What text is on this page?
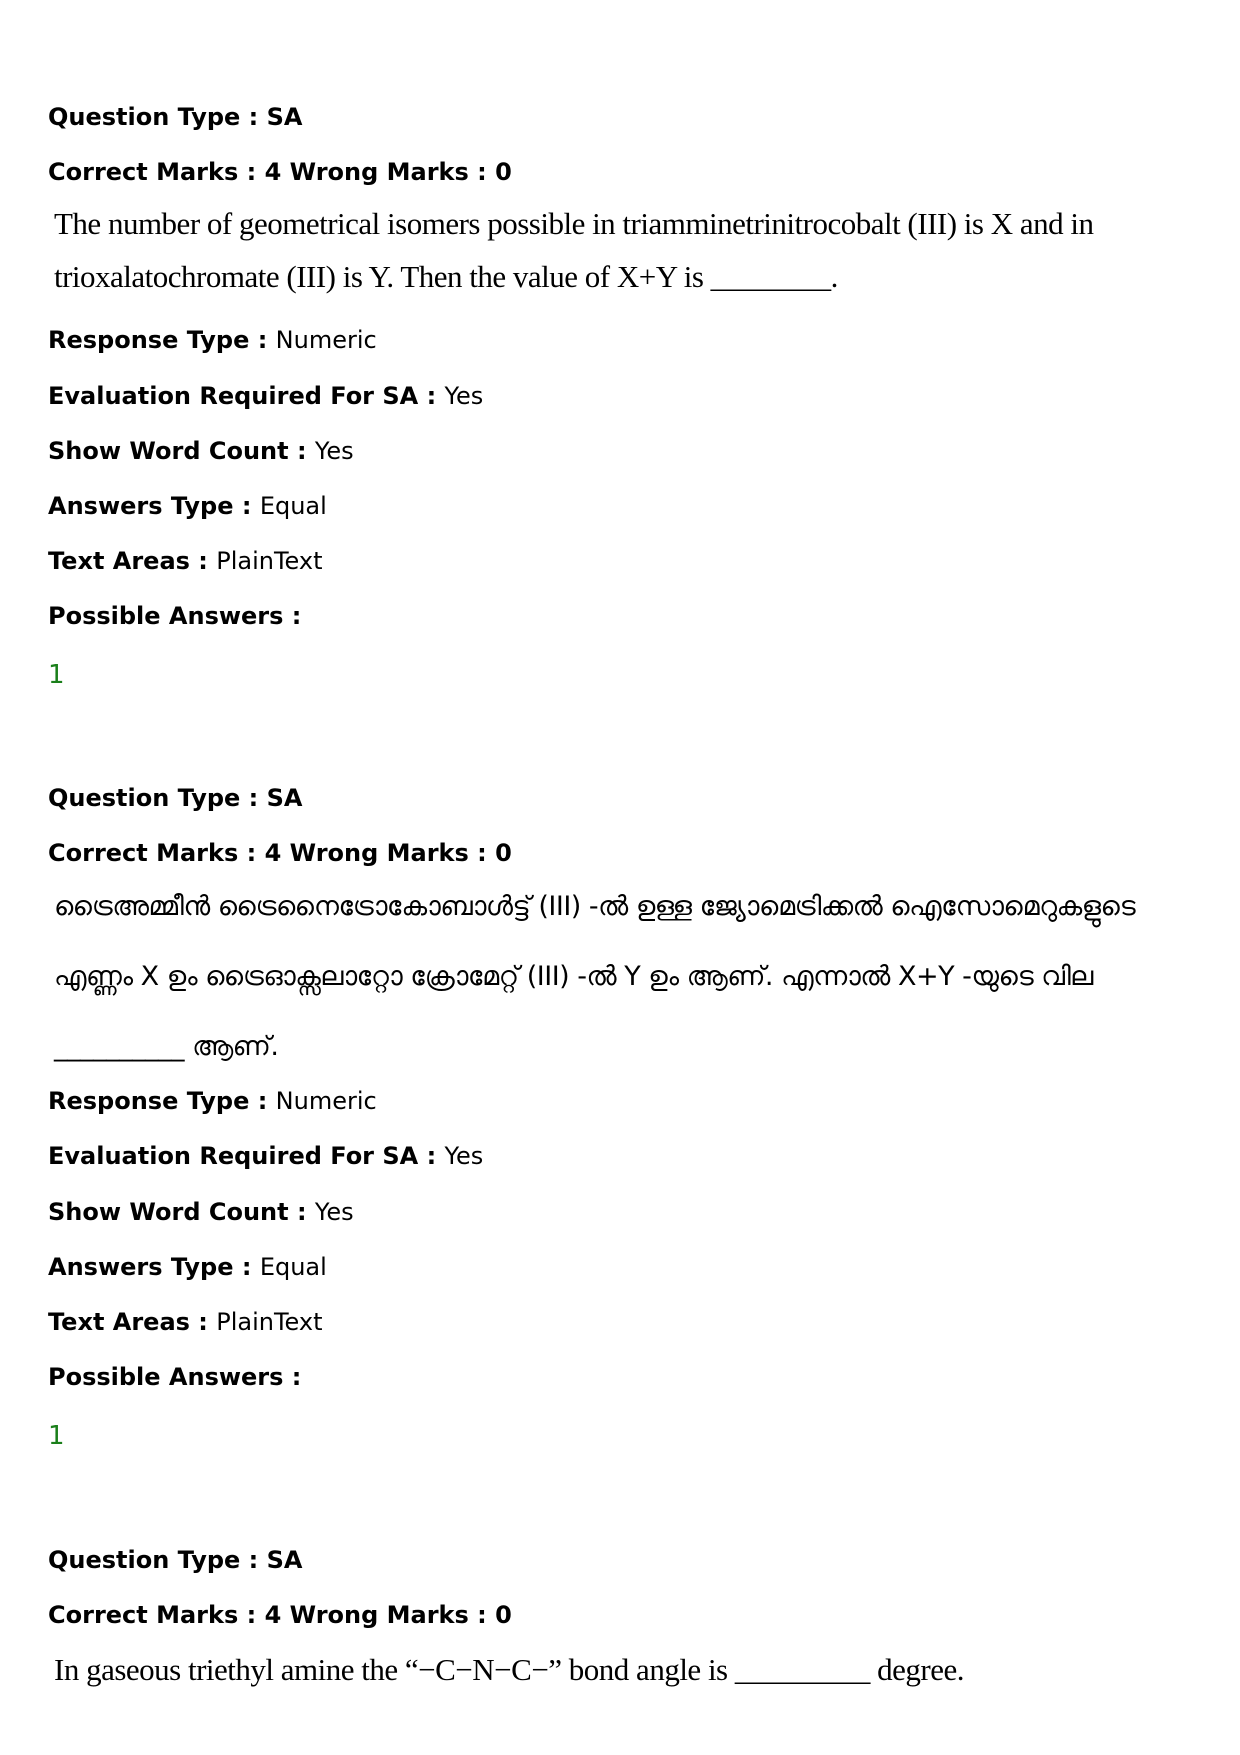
Question Type : SA
Correct Marks : 4 Wrong Marks : 0
The number of geometrical isomers possible in triamminetrinitrocobalt (III) is X and in
trioxalatochromate (III) is Y. Then the value of X+Y is ________.
Response Type : Numeric
Evaluation Required For SA : Yes
Show Word Count : Yes
Answers Type : Equal
Text Areas : PlainText
Possible Answers :
1
Question Type : SA
Correct Marks : 4 Wrong Marks : 0
ട്രൈഅമ്മീൻ ട്രൈനൈട്രോകോബാൾട്ട് (III) -ൽ ഉള്ള ജ്യോമെട്രിക്കൽ ഐസോമെറുകളുടെ
എണ്ണം X ഉം ട്രൈഓക്സലാറ്റോ ക്രോമേറ്റ് (III) -ൽ Y ഉം ആണ്. എന്നാൽ X+Y -യുടെ വില
__________ ആണ്.
Response Type : Numeric
Evaluation Required For SA : Yes
Show Word Count : Yes
Answers Type : Equal
Text Areas : PlainText
Possible Answers :
1
Question Type : SA
Correct Marks : 4 Wrong Marks : 0
In gaseous triethyl amine the “−C−N−C−” bond angle is _________ degree.
